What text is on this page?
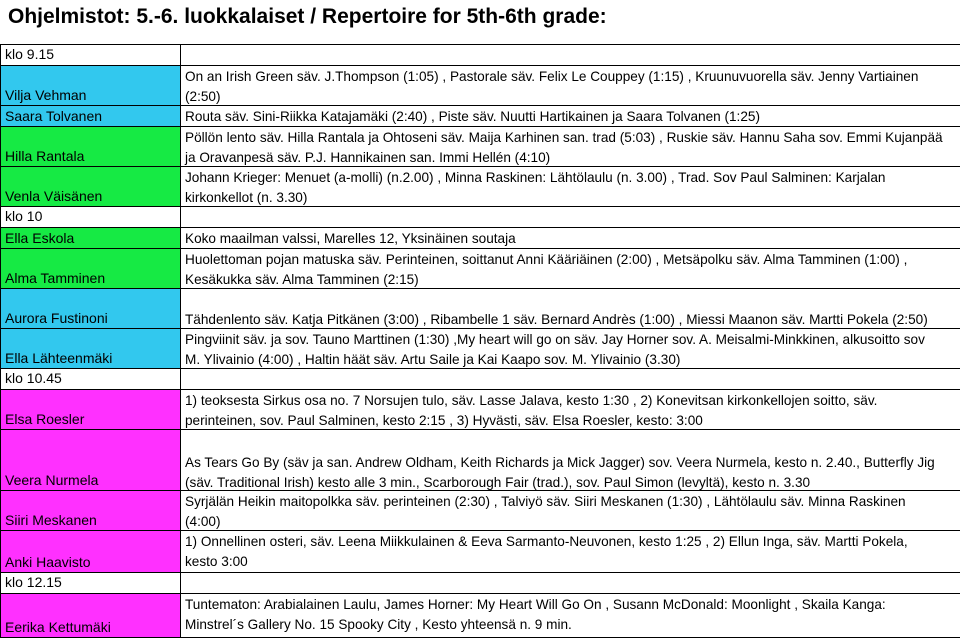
Ohjelmistot: 5.-6. luokkalaiset / Repertoire for 5th-6th grade:
klo 9.15
Vilja Vehman
Saara Tolvanen
Hilla Rantala
Venla Väisänen
klo 10
Ella Eskola
Alma Tamminen
Aurora Fustinoni
Ella Lähteenmäki
klo 10.45
Elsa Roesler
Veera Nurmela
Siiri Meskanen
Anki Haavisto
klo 12.15
Eerika Kettumäki
On an Irish Green säv. J.Thompson (1:05) , Pastorale säv. Felix Le Couppey (1:15) , Kruunuvuorella säv. Jenny Vartiainen
(2:50)
Routa säv. Sini-Riikka Katajamäki (2:40) , Piste säv. Nuutti Hartikainen ja Saara Tolvanen (1:25)
Pöllön lento säv. Hilla Rantala ja Ohtoseni säv. Maija Karhinen san. trad (5:03) , Ruskie säv. Hannu Saha sov. Emmi Kujanpää
ja Oravanpesä säv. P.J. Hannikainen san. Immi Hellén (4:10)
Johann Krieger: Menuet (a-molli) (n.2.00) , Minna Raskinen: Lähtölaulu (n. 3.00) , Trad. Sov Paul Salminen: Karjalan
kirkonkellot (n. 3.30)
Koko maailman valssi, Marelles 12, Yksinäinen soutaja
Huolettoman pojan matuska säv. Perinteinen, soittanut Anni Kääriäinen (2:00) , Metsäpolku säv. Alma Tamminen (1:00) ,
Kesäkukka säv. Alma Tamminen (2:15)
Tähdenlento säv. Katja Pitkänen (3:00) , Ribambelle 1 säv. Bernard Andrès (1:00) , Miessi Maanon säv. Martti Pokela (2:50)
Pingviinit säv. ja sov. Tauno Marttinen (1:30) ,My heart will go on säv. Jay Horner sov. A. Meisalmi-Minkkinen, alkusoitto sov
M. Ylivainio (4:00) , Haltin häät säv. Artu Saile ja Kai Kaapo sov. M. Ylivainio (3.30)
1) teoksesta Sirkus osa no. 7 Norsujen tulo, säv. Lasse Jalava, kesto 1:30 , 2) Konevitsan kirkonkellojen soitto, säv.
perinteinen, sov. Paul Salminen, kesto 2:15 , 3) Hyvästi, säv. Elsa Roesler, kesto: 3:00
As Tears Go By (säv ja san. Andrew Oldham, Keith Richards ja Mick Jagger) sov. Veera Nurmela, kesto n. 2.40., Butterfly Jig
(säv. Traditional Irish) kesto alle 3 min., Scarborough Fair (trad.), sov. Paul Simon (levyltä), kesto n. 3.30
Syrjälän Heikin maitopolkka säv. perinteinen (2:30) , Talviyö säv. Siiri Meskanen (1:30) , Lähtölaulu säv. Minna Raskinen
(4:00)
1) Onnellinen osteri, säv. Leena Miikkulainen & Eeva Sarmanto-Neuvonen, kesto 1:25 , 2) Ellun Inga, säv. Martti Pokela,
kesto 3:00
Tuntematon: Arabialainen Laulu, James Horner: My Heart Will Go On , Susann McDonald: Moonlight , Skaila Kanga:
Minstrel´s Gallery No. 15 Spooky City , Kesto yhteensä n. 9 min.
